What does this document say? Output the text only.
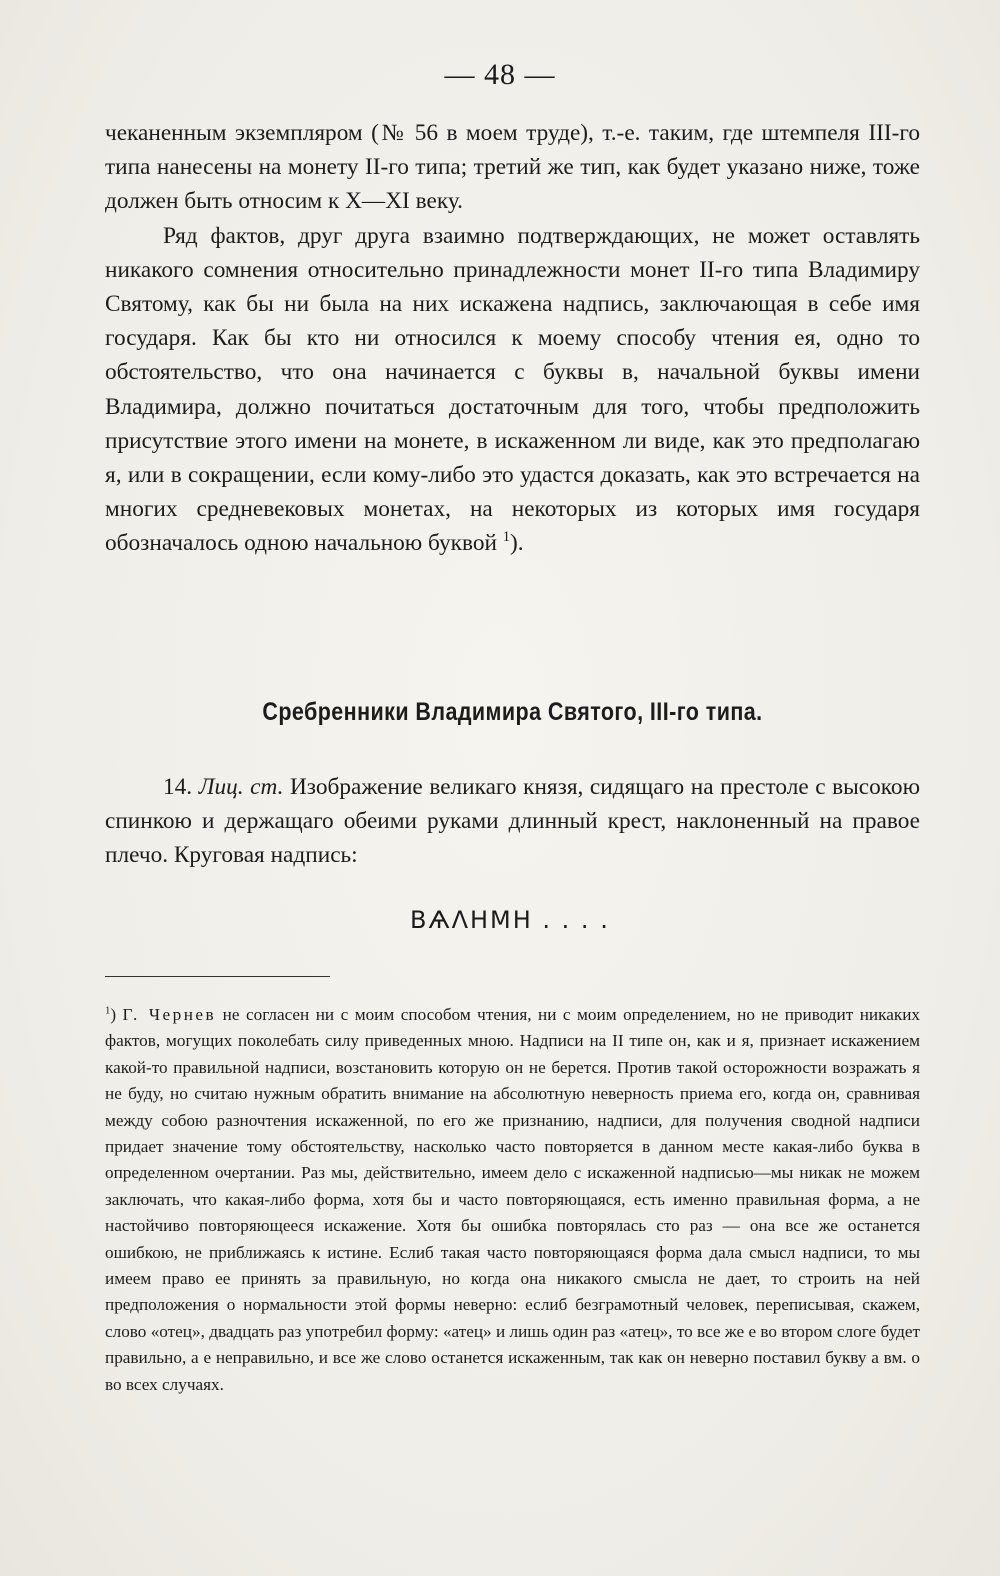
— 48 —

чеканенным экземпляром (№ 56 в моем труде), т.-е. таким, где штемпеля III-го типа нанесены на монету II-го типа; третий же тип, как будет указано ниже, тоже должен быть относим к X—XI веку.

Ряд фактов, друг друга взаимно подтверждающих, не может оставлять никакого сомнения относительно принадлежности монет II-го типа Владимиру Святому, как бы ни была на них искажена надпись, заключающая в себе имя государя. Как бы кто ни относился к моему способу чтения ея, одно то обстоятельство, что она начинается с буквы в, начальной буквы имени Владимира, должно почитаться достаточным для того, чтобы предположить присутствие этого имени на монете, в искаженном ли виде, как это предполагаю я, или в сокращении, если кому-либо это удастся доказать, как это встречается на многих средневековых монетах, на некоторых из которых имя государя обозначалось одною начальною буквой $^1$).

Сребренники Владимира Святого, III-го типа.
14. Лиц. ст. Изображение великаго князя, сидящаго на престоле с высокою спинкою и держащаго обеими руками длинный крест, наклоненный на правое плечо. Круговая надпись:
ВѦΛНМН . . . .
$^1$) Г. Чернев не согласен ни с моим способом чтения, ни с моим определением, но не приводит никаких фактов, могущих поколебать силу приведенных мною. Надписи на II типе он, как и я, признает искажением какой-то правильной надписи, возстановить которую он не берется. Против такой осторожности возражать я не буду, но считаю нужным обратить внимание на абсолютную неверность приема его, когда он, сравнивая между собою разночтения искаженной, по его же признанию, надписи, для получения сводной надписи придает значение тому обстоятельству, насколько часто повторяется в данном месте какая-либо буква в определенном очертании. Раз мы, действительно, имеем дело с искаженной надписью—мы никак не можем заключать, что какая-либо форма, хотя бы и часто повторяющаяся, есть именно правильная форма, а не настойчиво повторяющееся искажение. Хотя бы ошибка повторялась сто раз — она все же останется ошибкою, не приближаясь к истине. Еслиб такая часто повторяющаяся форма дала смысл надписи, то мы имеем право ее принять за правильную, но когда она никакого смысла не дает, то строить на ней предположения о нормальности этой формы неверно: еслиб безграмотный человек, переписывая, скажем, слово «отец», двадцать раз употребил форму: «атец» и лишь один раз «атец», то все же е во втором слоге будет правильно, а е неправильно, и все же слово останется искаженным, так как он неверно поставил букву а вм. о во всех случаях.
